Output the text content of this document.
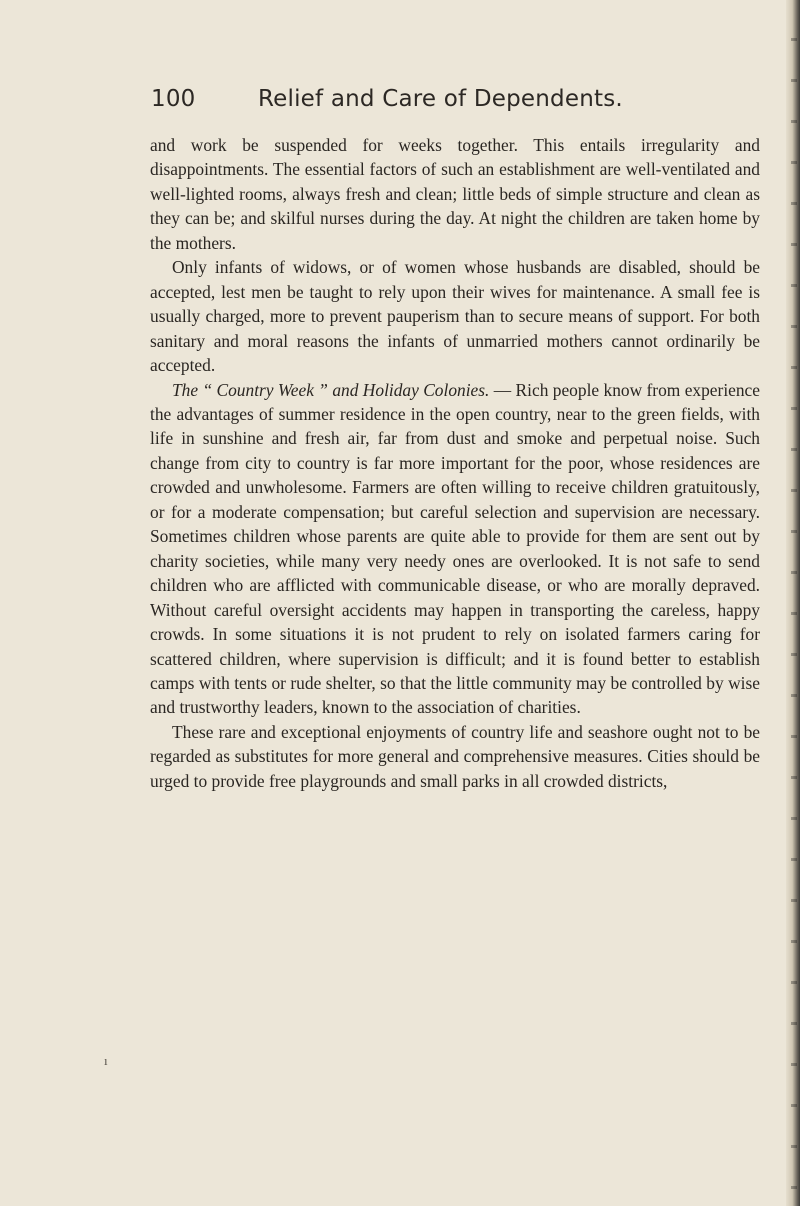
100	Relief and Care of Dependents.

and work be suspended for weeks together. This entails irregularity and disappointments. The essential factors of such an establishment are well-ventilated and well-lighted rooms, always fresh and clean; little beds of simple structure and clean as they can be; and skilful nurses during the day. At night the children are taken home by the mothers.

Only infants of widows, or of women whose husbands are disabled, should be accepted, lest men be taught to rely upon their wives for maintenance. A small fee is usually charged, more to prevent pauperism than to secure means of support. For both sanitary and moral reasons the infants of unmarried mothers cannot ordinarily be accepted.

The “ Country Week ” and Holiday Colonies. — Rich people know from experience the advantages of summer residence in the open country, near to the green fields, with life in sunshine and fresh air, far from dust and smoke and perpetual noise. Such change from city to country is far more important for the poor, whose residences are crowded and unwholesome. Farmers are often willing to receive children gratuitously, or for a moderate compensation; but careful selection and supervision are necessary. Sometimes children whose parents are quite able to provide for them are sent out by charity societies, while many very needy ones are overlooked. It is not safe to send children who are afflicted with communicable disease, or who are morally depraved. Without careful oversight accidents may happen in transporting the careless, happy crowds. In some situations it is not prudent to rely on isolated farmers caring for scattered children, where supervision is difficult; and it is found better to establish camps with tents or rude shelter, so that the little community may be controlled by wise and trustworthy leaders, known to the association of charities.

These rare and exceptional enjoyments of country life and seashore ought not to be regarded as substitutes for more general and comprehensive measures. Cities should be urged to provide free playgrounds and small parks in all crowded districts,

ı
